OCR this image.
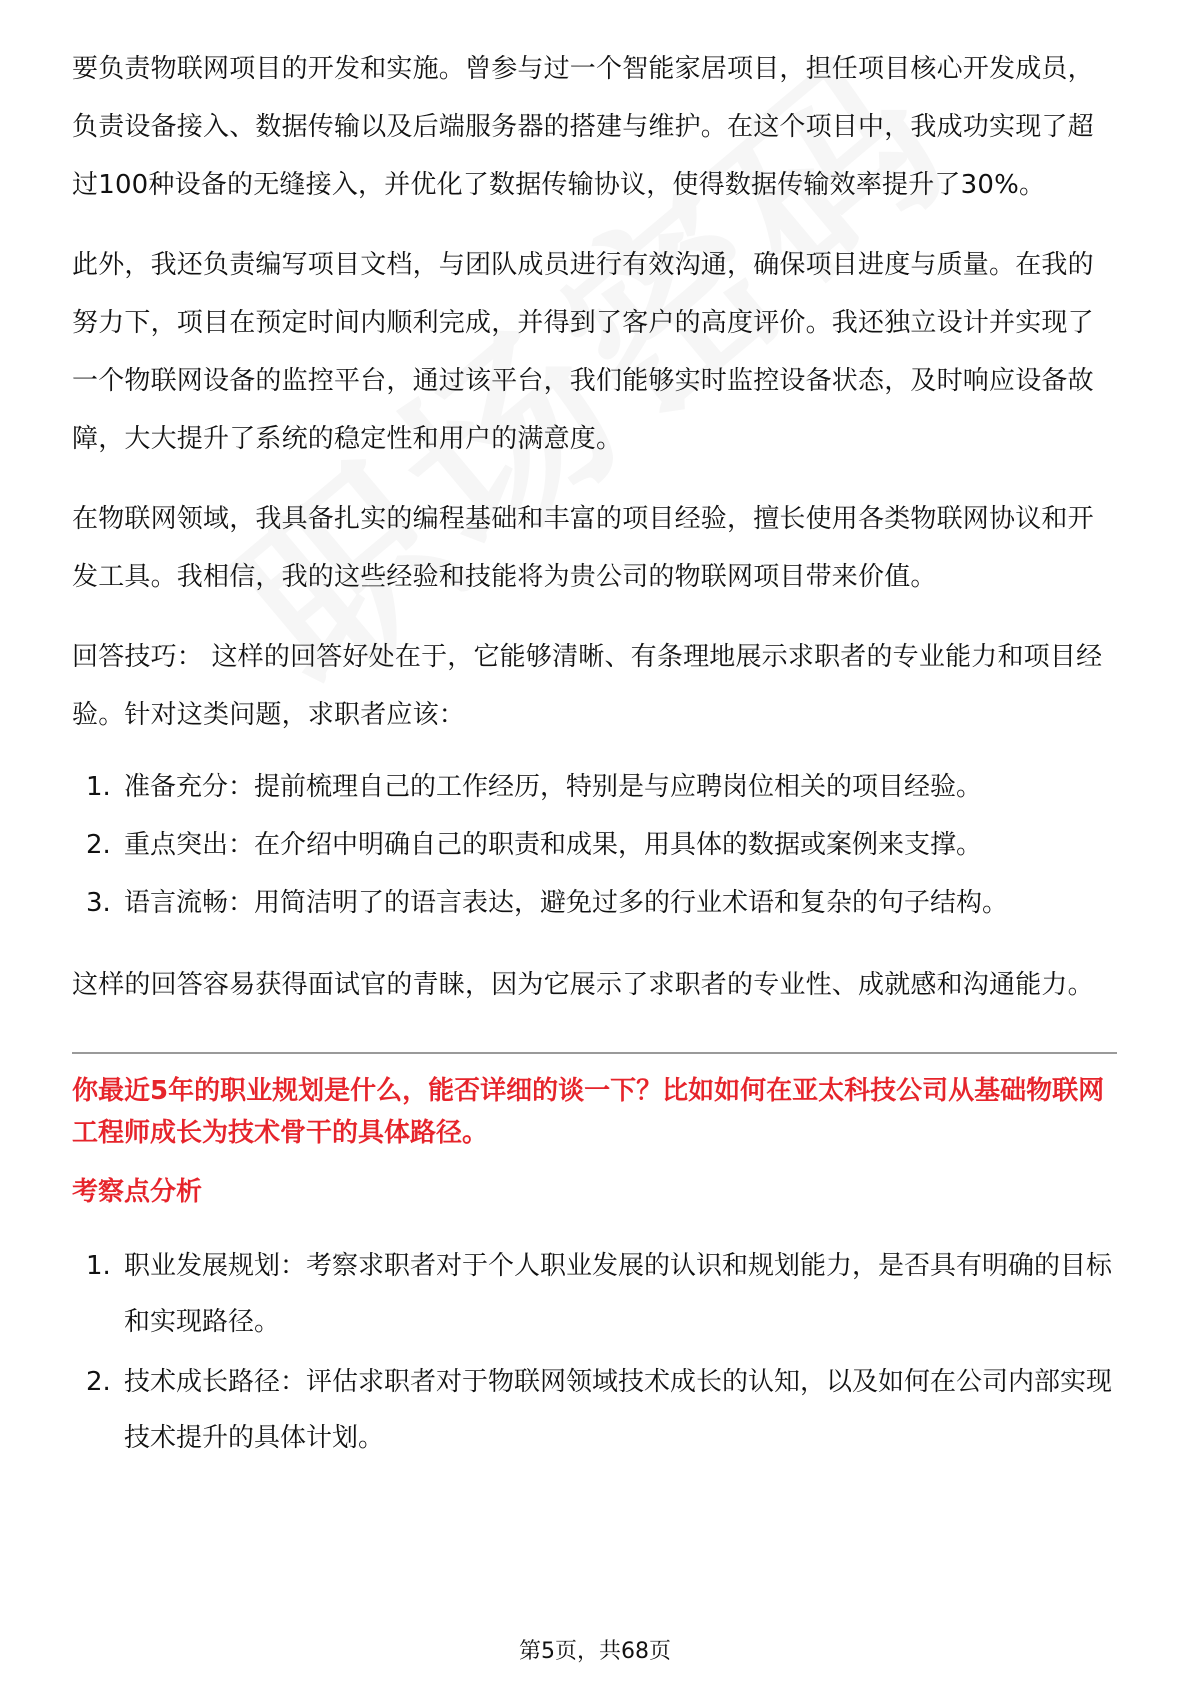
要负责物联网项目的开发和实施。曾参与过一个智能家居项目，担任项目核心开发成员，负责设备接入、数据传输以及后端服务器的搭建与维护。在这个项目中，我成功实现了超过100种设备的无缝接入，并优化了数据传输协议，使得数据传输效率提升了30%。

此外，我还负责编写项目文档，与团队成员进行有效沟通，确保项目进度与质量。在我的努力下，项目在预定时间内顺利完成，并得到了客户的高度评价。我还独立设计并实现了一个物联网设备的监控平台，通过该平台，我们能够实时监控设备状态，及时响应设备故障，大大提升了系统的稳定性和用户的满意度。

在物联网领域，我具备扎实的编程基础和丰富的项目经验，擅长使用各类物联网协议和开发工具。我相信，我的这些经验和技能将为贵公司的物联网项目带来价值。

回答技巧： 这样的回答好处在于，它能够清晰、有条理地展示求职者的专业能力和项目经验。针对这类问题，求职者应该：

1. 准备充分：提前梳理自己的工作经历，特别是与应聘岗位相关的项目经验。
2. 重点突出：在介绍中明确自己的职责和成果，用具体的数据或案例来支撑。
3. 语言流畅：用简洁明了的语言表达，避免过多的行业术语和复杂的句子结构。

这样的回答容易获得面试官的青睐，因为它展示了求职者的专业性、成就感和沟通能力。

你最近5年的职业规划是什么，能否详细的谈一下？比如如何在亚太科技公司从基础物联网工程师成长为技术骨干的具体路径。

考察点分析

1. 职业发展规划：考察求职者对于个人职业发展的认识和规划能力，是否具有明确的目标和实现路径。
2. 技术成长路径：评估求职者对于物联网领域技术成长的认知，以及如何在公司内部实现技术提升的具体计划。
第5页，共68页
